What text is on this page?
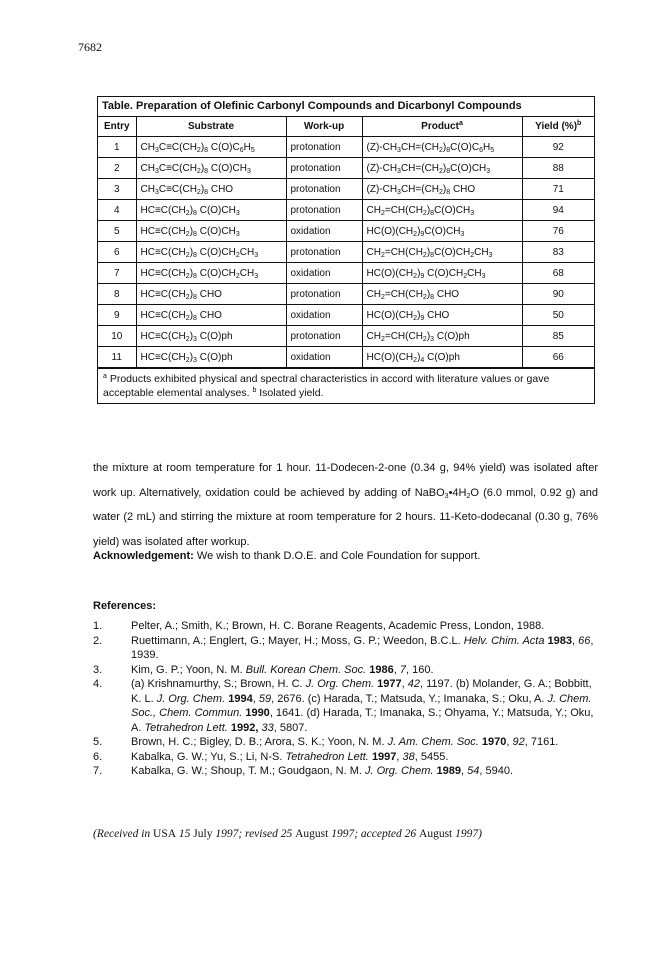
7682
Table. Preparation of Olefinic Carbonyl Compounds and Dicarbonyl Compounds
Entry	Substrate	Work-up	Product$^a$	Yield (%)$^b$
1	$CH_3C\equiv C(CH_2)_8$ $C(O)C_6H_5$	protonation	$(Z)-CH_3CH=(CH_2)_8C(O)C_6H_5$	92
2	$CH_3C\equiv C(CH_2)_8$ $C(O)CH_3$	protonation	$(Z)-CH_3CH=(CH_2)_8C(O)CH_3$	88
3	$CH_3C\equiv C(CH_2)_8$ CHO	protonation	$(Z)-CH_3CH=(CH_2)_8$ CHO	71
4	$HC\equiv C(CH_2)_8$ $C(O)CH_3$	protonation	$CH_2=CH(CH_2)_8C(O)CH_3$	94
5	$HC\equiv C(CH_2)_8$ $C(O)CH_3$	oxidation	$HC(O)(CH_2)_9C(O)CH_3$	76
6	$HC\equiv C(CH_2)_8$ $C(O)CH_2CH_3$	protonation	$CH_2=CH(CH_2)_8C(O)CH_2CH_3$	83
7	$HC\equiv C(CH_2)_8$ $C(O)CH_2CH_3$	oxidation	$HC(O)(CH_2)_9$ $C(O)CH_2CH_3$	68
8	$HC\equiv C(CH_2)_8$ CHO	protonation	$CH_2=CH(CH_2)_8$ CHO	90
9	$HC\equiv C(CH_2)_8$ CHO	oxidation	$HC(O)(CH_2)_9$ CHO	50
10	$HC\equiv C(CH_2)_3$ C(O)ph	protonation	$CH_2=CH(CH_2)_3$ C(O)ph	85
11	$HC\equiv C(CH_2)_3$ C(O)ph	oxidation	$HC(O)(CH_2)_4$ C(O)ph	66
$^a$ Products exhibited physical and spectral characteristics in accord with literature values or gave acceptable elemental analyses. $^b$ Isolated yield.
the mixture at room temperature for 1 hour. 11-Dodecen-2-one (0.34 g, 94% yield) was isolated after work up. Alternatively, oxidation could be achieved by adding of $NaBO_3•4H_2O$ (6.0 mmol, 0.92 g) and water (2 mL) and stirring the mixture at room temperature for 2 hours. 11-Keto-dodecanal (0.30 g, 76% yield) was isolated after workup.
Acknowledgement: We wish to thank D.O.E. and Cole Foundation for support.
References:
1.	Pelter, A.; Smith, K.; Brown, H. C. Borane Reagents, Academic Press, London, 1988.
2.	Ruettimann, A.; Englert, G.; Mayer, H.; Moss, G. P.; Weedon, B.C.L. Helv. Chim. Acta 1983, 66, 1939.
3.	Kim, G. P.; Yoon, N. M. Bull. Korean Chem. Soc. 1986, 7, 160.
4.	(a) Krishnamurthy, S.; Brown, H. C. J. Org. Chem. 1977, 42, 1197. (b) Molander, G. A.; Bobbitt, K. L. J. Org. Chem. 1994, 59, 2676. (c) Harada, T.; Matsuda, Y.; Imanaka, S.; Oku, A. J. Chem. Soc., Chem. Commun. 1990, 1641. (d) Harada, T.; Imanaka, S.; Ohyama, Y.; Matsuda, Y.; Oku, A. Tetrahedron Lett. 1992, 33, 5807.
5.	Brown, H. C.; Bigley, D. B.; Arora, S. K.; Yoon, N. M. J. Am. Chem. Soc. 1970, 92, 7161.
6.	Kabalka, G. W.; Yu, S.; Li, N-S. Tetrahedron Lett. 1997, 38, 5455.
7.	Kabalka, G. W.; Shoup, T. M.; Goudgaon, N. M. J. Org. Chem. 1989, 54, 5940.
(Received in USA 15 July 1997; revised 25 August 1997; accepted 26 August 1997)
